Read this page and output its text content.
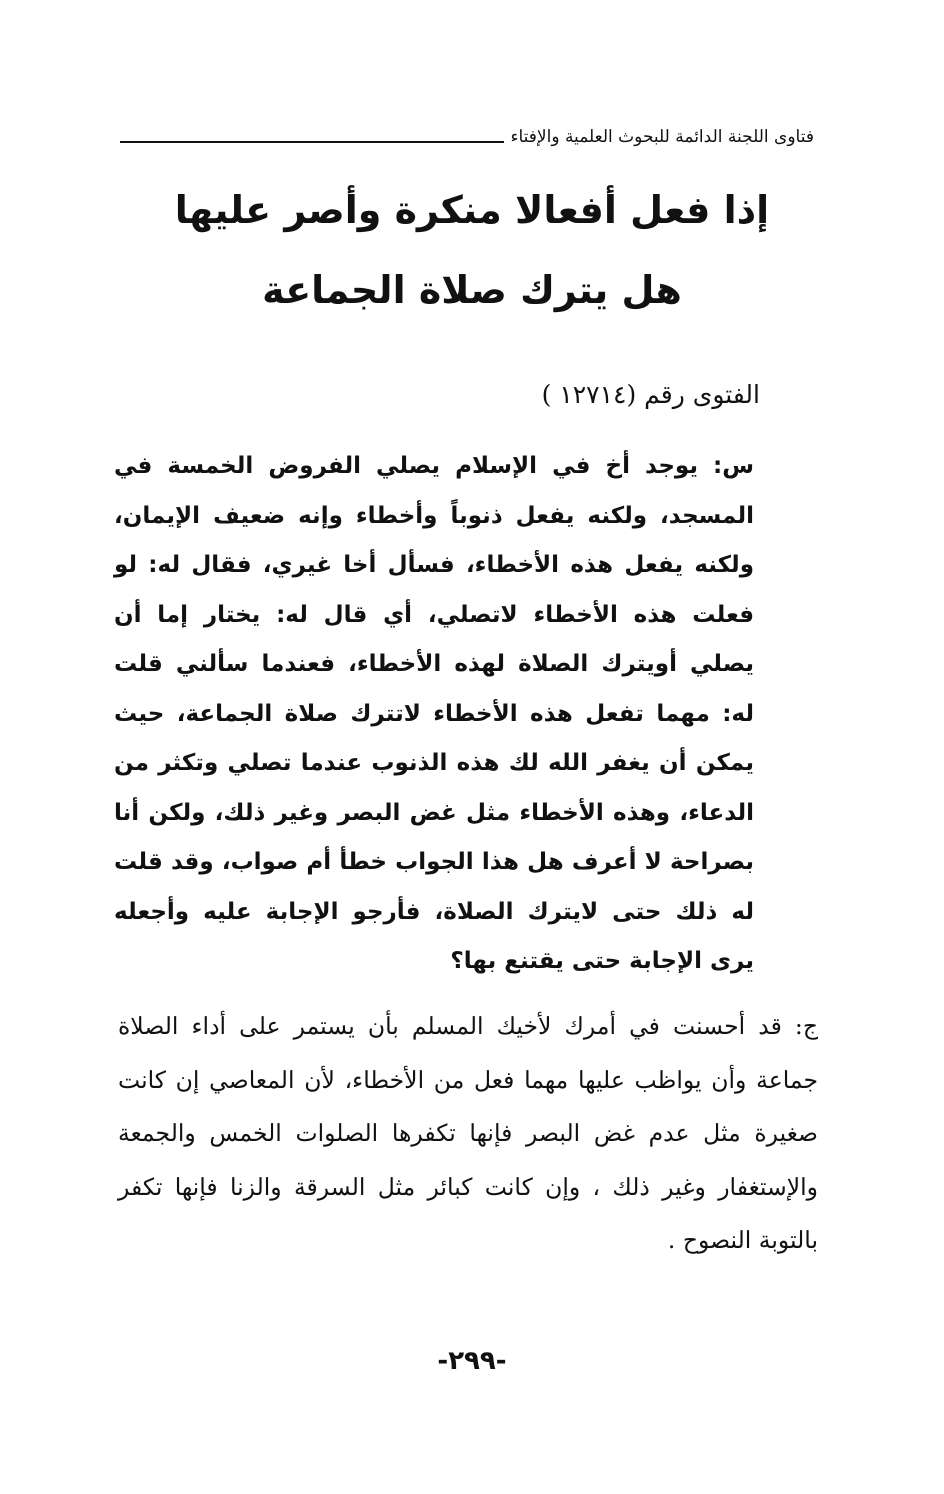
فتاوى اللجنة الدائمة للبحوث العلمية والإفتاء
إذا فعل أفعالا منكرة وأصر عليها
هل يترك صلاة الجماعة
الفتوى رقم (١٢٧١٤ )
س: يوجد أخ في الإسلام يصلي الفروض الخمسة في المسجد، ولكنه يفعل ذنوباً وأخطاء وإنه ضعيف الإيمان، ولكنه يفعل هذه الأخطاء، فسأل أخا غيري، فقال له: لو فعلت هذه الأخطاء لاتصلي، أي قال له: يختار إما أن يصلي أويترك الصلاة لهذه الأخطاء، فعندما سألني قلت له: مهما تفعل هذه الأخطاء لاتترك صلاة الجماعة، حيث يمكن أن يغفر الله لك هذه الذنوب عندما تصلي وتكثر من الدعاء، وهذه الأخطاء مثل غض البصر وغير ذلك، ولكن أنا بصراحة لا أعرف هل هذا الجواب خطأ أم صواب، وقد قلت له ذلك حتى لايترك الصلاة، فأرجو الإجابة عليه وأجعله يرى الإجابة حتى يقتنع بها؟
ج: قد أحسنت في أمرك لأخيك المسلم بأن يستمر على أداء الصلاة جماعة وأن يواظب عليها مهما فعل من الأخطاء، لأن المعاصي إن كانت صغيرة مثل عدم غض البصر فإنها تكفرها الصلوات الخمس والجمعة والإستغفار وغير ذلك ، وإن كانت كبائر مثل السرقة والزنا فإنها تكفر بالتوبة النصوح .
-٢٩٩-
